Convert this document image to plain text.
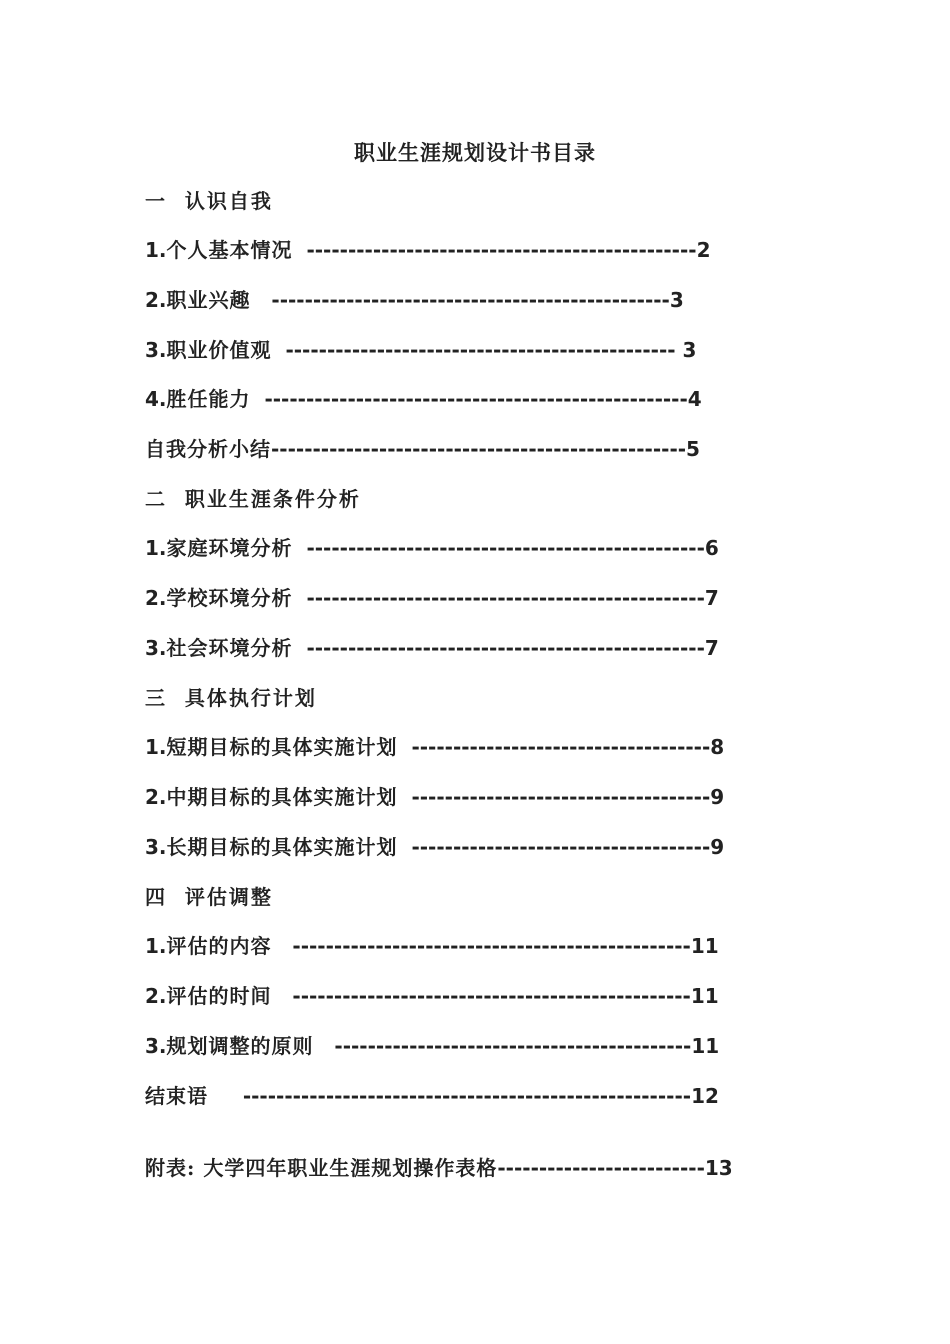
职业生涯规划设计书目录
一  认识自我
1.个人基本情况  -----------------------------------------------2
2.职业兴趣   ------------------------------------------------3
3.职业价值观  ----------------------------------------------- 3
4.胜任能力  ---------------------------------------------------4
自我分析小结--------------------------------------------------5
二  职业生涯条件分析
1.家庭环境分析  ------------------------------------------------6
2.学校环境分析  ------------------------------------------------7
3.社会环境分析  ------------------------------------------------7
三  具体执行计划
1.短期目标的具体实施计划  ------------------------------------8
2.中期目标的具体实施计划  ------------------------------------9
3.长期目标的具体实施计划  ------------------------------------9
四  评估调整
1.评估的内容   ------------------------------------------------11
2.评估的时间   ------------------------------------------------11
3.规划调整的原则   -------------------------------------------11
结束语     ------------------------------------------------------12
附表: 大学四年职业生涯规划操作表格-------------------------13
